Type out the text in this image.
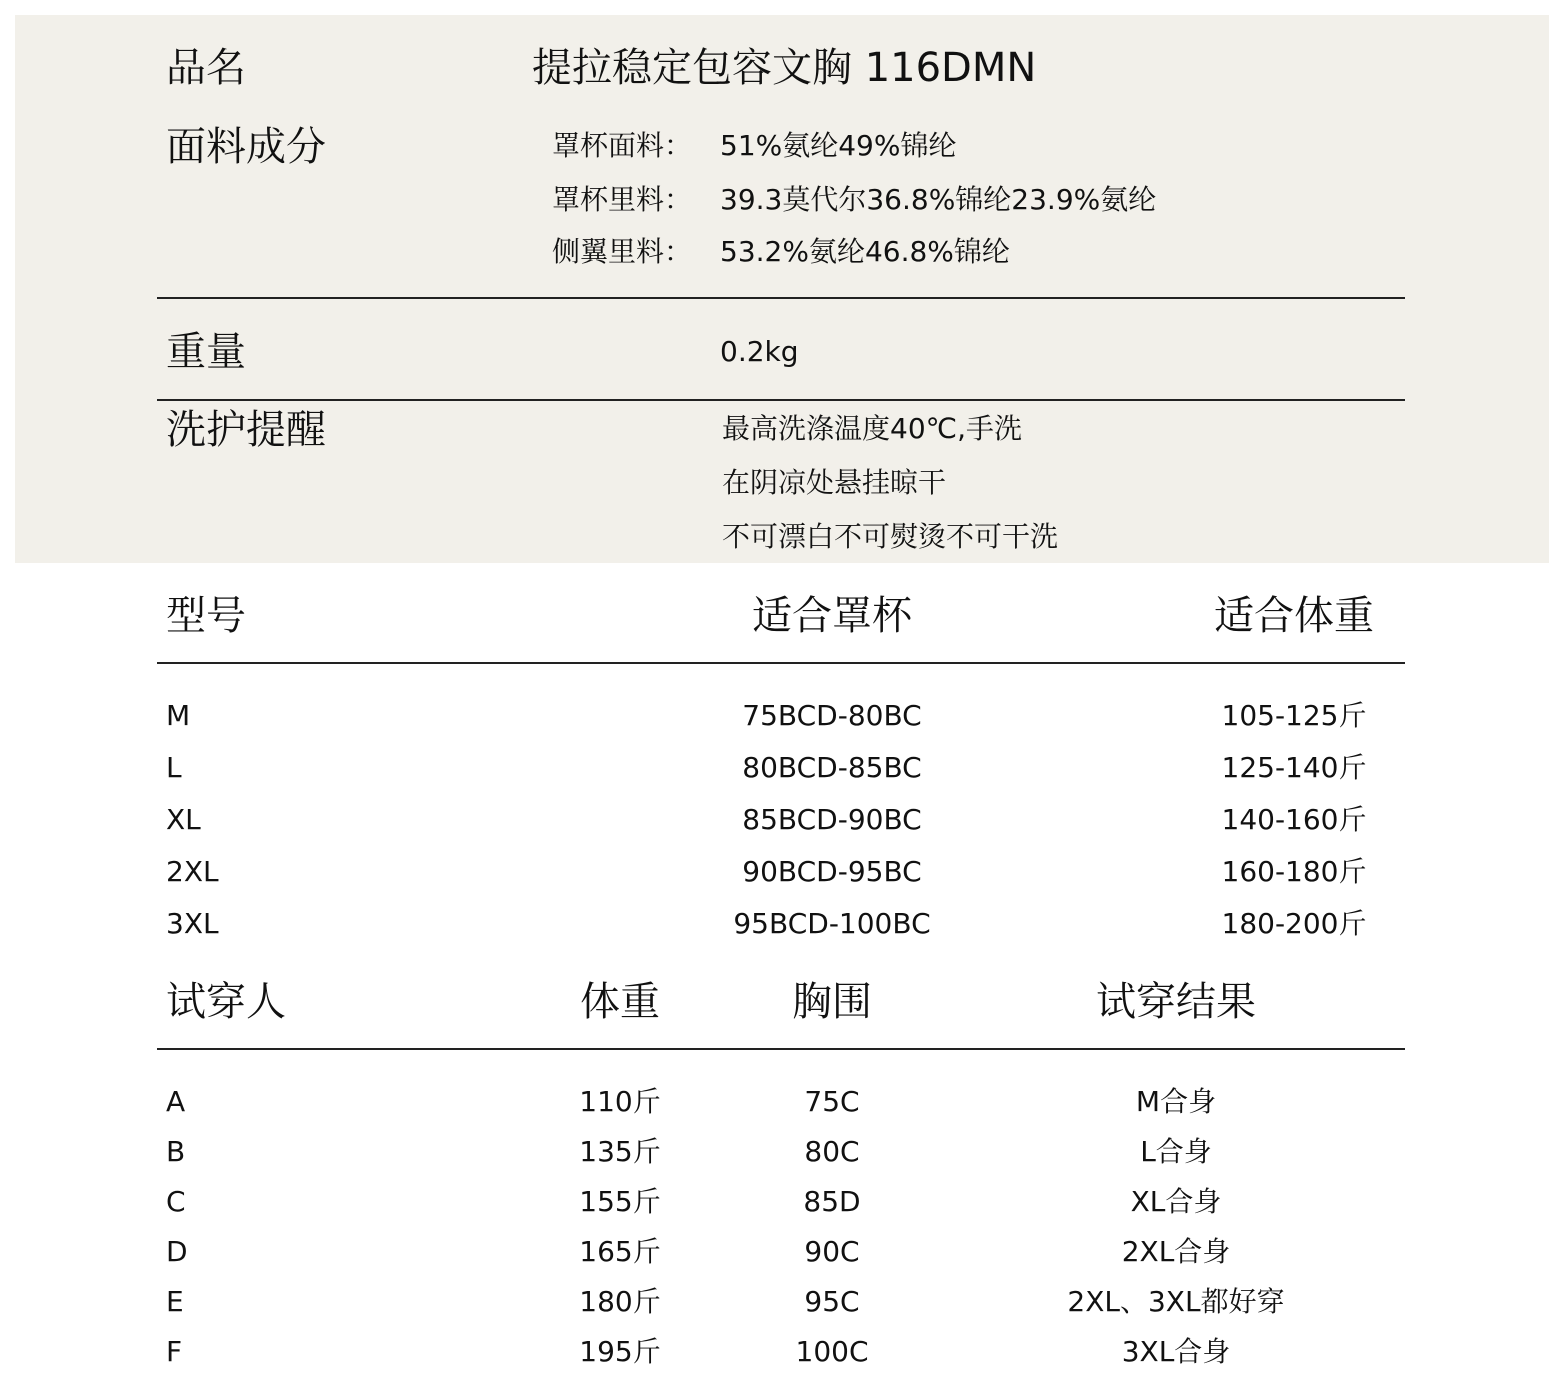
品名	提拉稳定包容文胸 116DMN
面料成分	罩杯面料： 51%氨纶49%锦纶
罩杯里料： 39.3莫代尔36.8%锦纶23.9%氨纶
侧翼里料： 53.2%氨纶46.8%锦纶
重量	0.2kg
洗护提醒	最高洗涤温度40℃,手洗
在阴凉处悬挂晾干
不可漂白不可熨烫不可干洗
型号	适合罩杯	适合体重
M	75BCD-80BC	105-125斤
L	80BCD-85BC	125-140斤
XL	85BCD-90BC	140-160斤
2XL	90BCD-95BC	160-180斤
3XL	95BCD-100BC	180-200斤
试穿人	体重	胸围	试穿结果
A	110斤	75C	M合身
B	135斤	80C	L合身
C	155斤	85D	XL合身
D	165斤	90C	2XL合身
E	180斤	95C	2XL、3XL都好穿
F	195斤	100C	3XL合身
